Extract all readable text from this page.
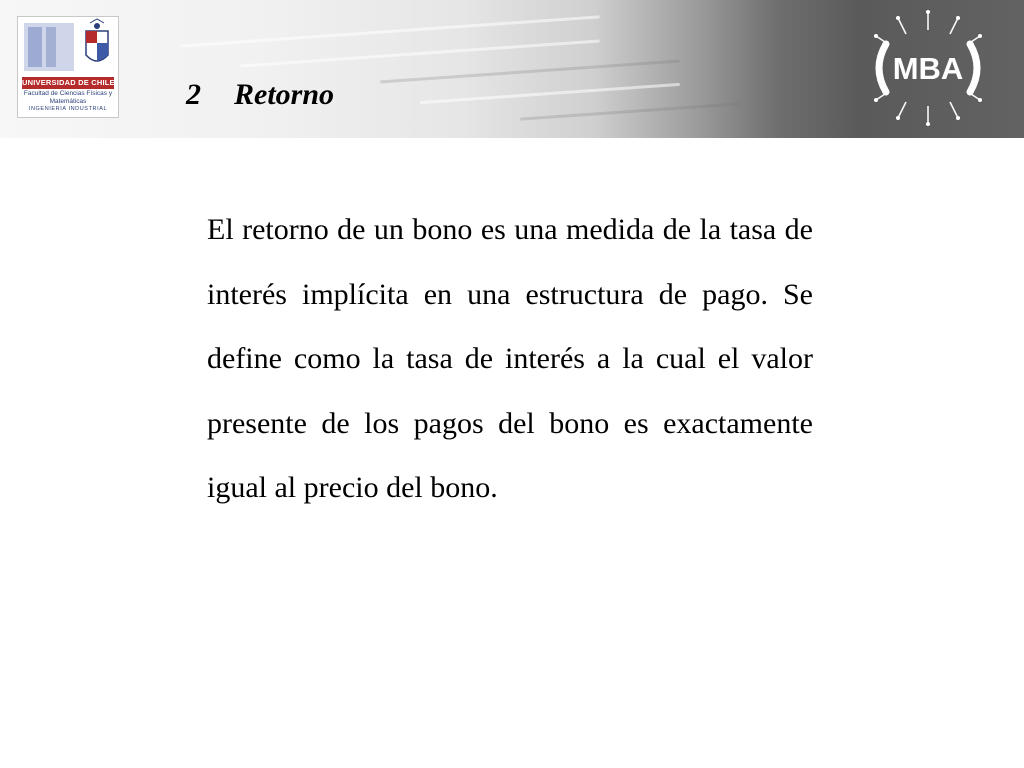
UNIVERSIDAD DE CHILE
Facultad de Ciencias Físicas y Matemáticas
INGENIERIA INDUSTRIAL	2 Retorno
MBA

El retorno de un bono es una medida de la tasa de interés implícita en una estructura de pago. Se define como la tasa de interés a la cual el valor presente de los pagos del bono es exactamente igual al precio del bono.
